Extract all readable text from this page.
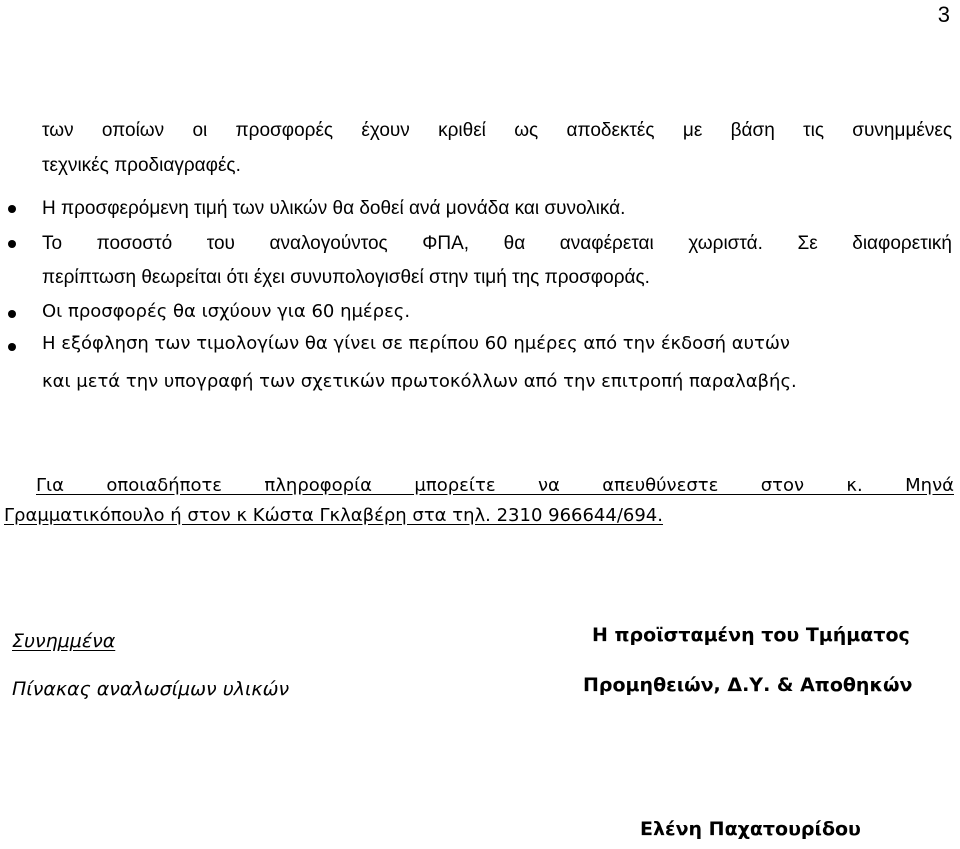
3
των οποίων οι προσφορές έχουν κριθεί ως αποδεκτές με βάση τις συνημμένες
τεχνικές προδιαγραφές.
Η προσφερόμενη τιμή των υλικών θα δοθεί ανά μονάδα και συνολικά.
Το ποσοστό του αναλογούντος ΦΠΑ, θα αναφέρεται χωριστά. Σε διαφορετική
περίπτωση θεωρείται ότι έχει συνυπολογισθεί στην τιμή της προσφοράς.
Οι προσφορές θα ισχύουν για 60 ημέρες.
Η εξόφληση των τιμολογίων θα γίνει σε περίπου 60 ημέρες από την έκδοσή αυτών
και μετά την υπογραφή των σχετικών πρωτοκόλλων από την επιτροπή παραλαβής.
Για οποιαδήποτε πληροφορία μπορείτε να απευθύνεστε στον κ. Μηνά
Γραμματικόπουλο ή στον κ Κώστα Γκλαβέρη στα τηλ. 2310 966644/694.
Συνημμένα
Πίνακας αναλωσίμων υλικών
Η προϊσταμένη του Τμήματος
Προμηθειών, Δ.Υ. & Αποθηκών
Ελένη Παχατουρίδου
